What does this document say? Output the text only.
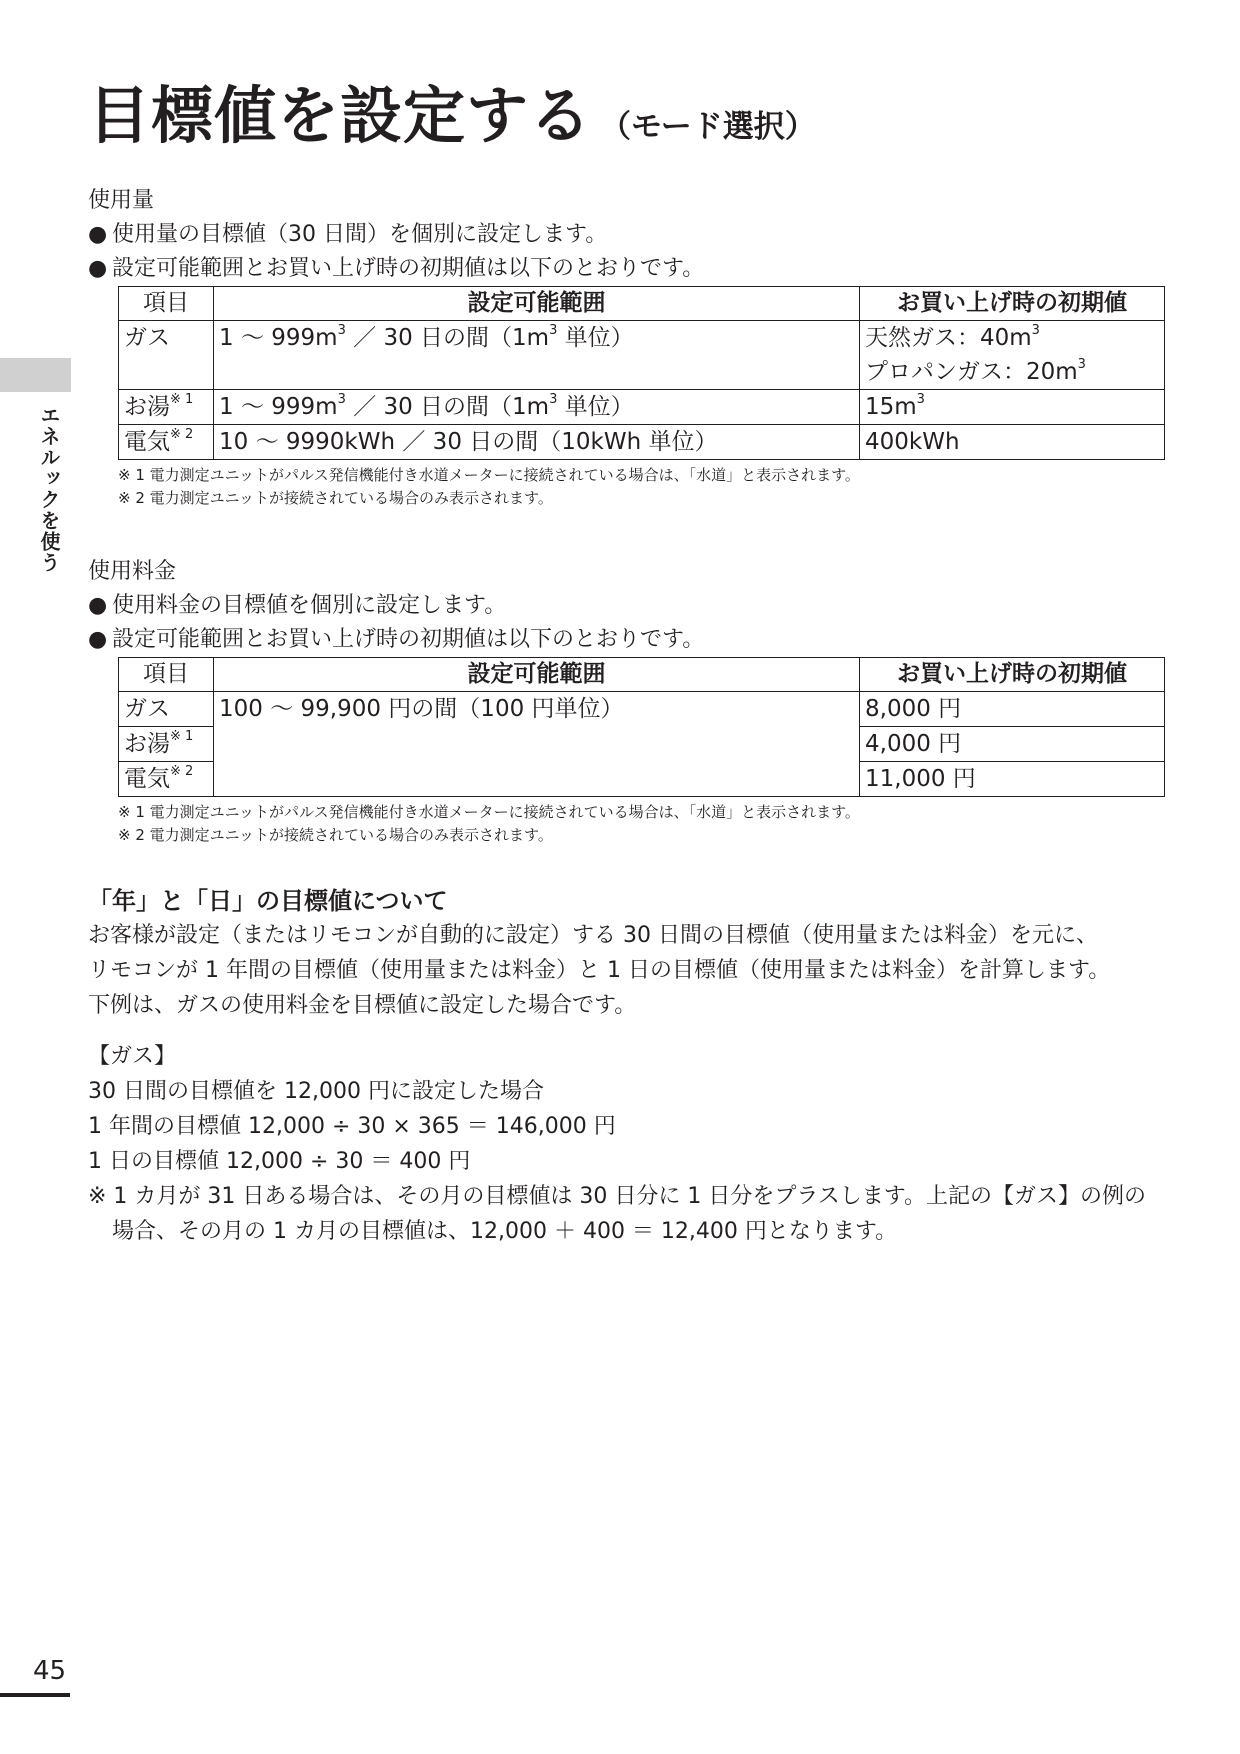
目標値を設定する （モード選択）
エネルックを使う
使用量
● 使用量の目標値（30 日間）を個別に設定します。
● 設定可能範囲とお買い上げ時の初期値は以下のとおりです。
項目	設定可能範囲	お買い上げ時の初期値
ガス	1 ～ $999m^3$ ／ 30 日の間（$1m^3$ 単位）	天然ガス：$40m^3$
プロパンガス：$20m^3$

お湯$^{※ 1}$	1 ～ $999m^3$ ／ 30 日の間（$1m^3$ 単位）	$15m^3$
電気$^{※ 2}$	10 ～ 9990kWh ／ 30 日の間（10kWh 単位）	400kWh
※ 1 電力測定ユニットがパルス発信機能付き水道メーターに接続されている場合は、「水道」と表示されます。
※ 2 電力測定ユニットが接続されている場合のみ表示されます。
使用料金
● 使用料金の目標値を個別に設定します。
● 設定可能範囲とお買い上げ時の初期値は以下のとおりです。
項目	設定可能範囲	お買い上げ時の初期値
ガス	100 ～ 99,900 円の間（100 円単位）	8,000 円
お湯$^{※ 1}$		4,000 円
電気$^{※ 2}$		11,000 円
※ 1 電力測定ユニットがパルス発信機能付き水道メーターに接続されている場合は、「水道」と表示されます。
※ 2 電力測定ユニットが接続されている場合のみ表示されます。
「年」と「日」の目標値について
お客様が設定（またはリモコンが自動的に設定）する 30 日間の目標値（使用量または料金）を元に、
リモコンが 1 年間の目標値（使用量または料金）と 1 日の目標値（使用量または料金）を計算します。
下例は、ガスの使用料金を目標値に設定した場合です。
【ガス】
30 日間の目標値を 12,000 円に設定した場合
1 年間の目標値 12,000 ÷ 30 × 365 ＝ 146,000 円
1 日の目標値 12,000 ÷ 30 ＝ 400 円
※ 1 カ月が 31 日ある場合は、その月の目標値は 30 日分に 1 日分をプラスします。上記の【ガス】の例の場合、その月の 1 カ月の目標値は、12,000 ＋ 400 ＝ 12,400 円となります。
45
